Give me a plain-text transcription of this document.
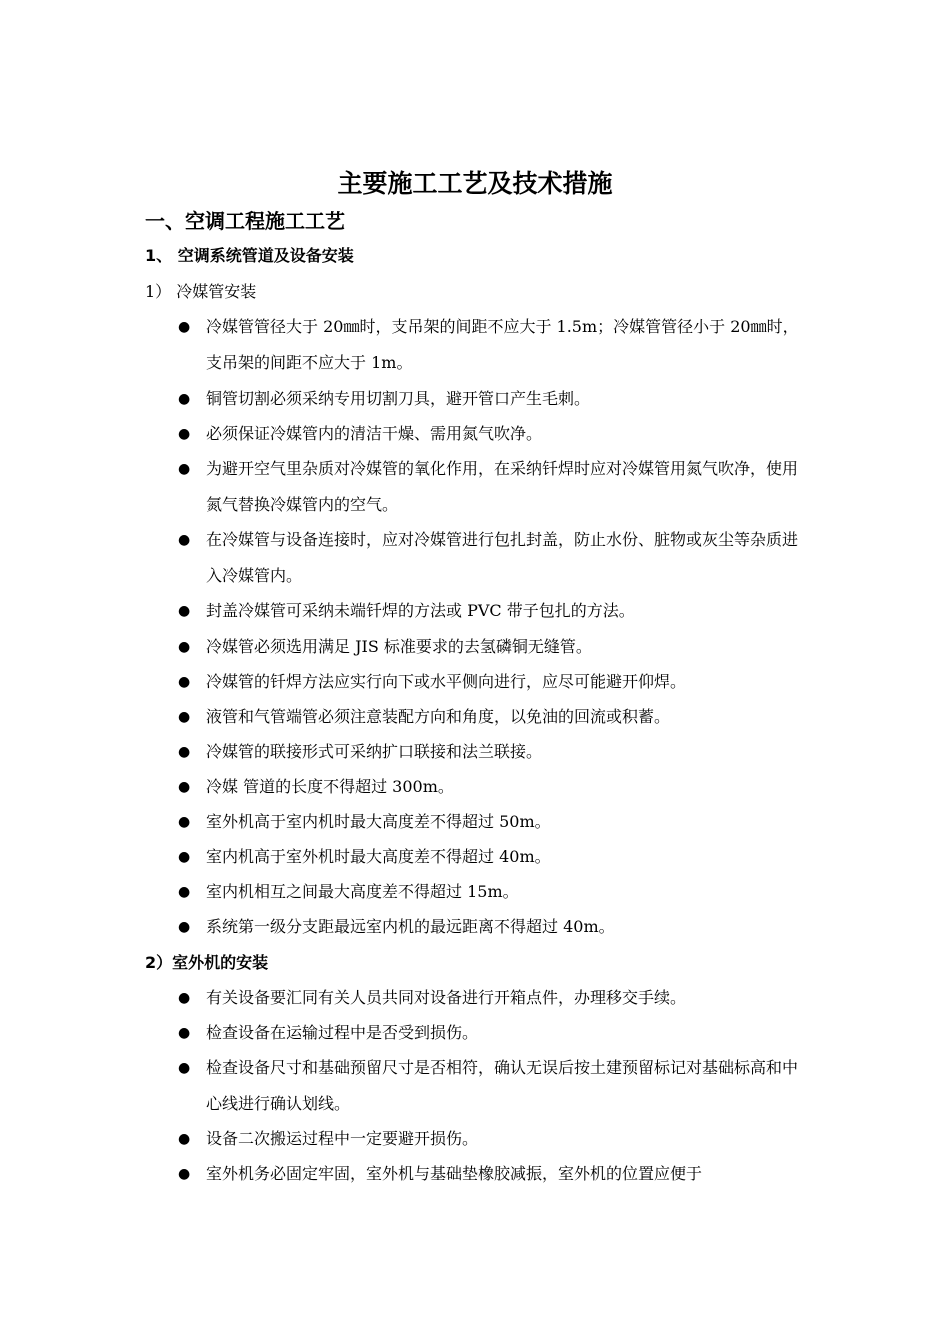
主要施工工艺及技术措施
一、空调工程施工工艺
1、 空调系统管道及设备安装
1） 冷媒管安装
● 冷媒管管径大于 20㎜时，支吊架的间距不应大于 1.5m；冷媒管管径小于 20㎜时，支吊架的间距不应大于 1m。
● 铜管切割必须采纳专用切割刀具，避开管口产生毛刺。
● 必须保证冷媒管内的清洁干燥、需用氮气吹净。
● 为避开空气里杂质对冷媒管的氧化作用，在采纳钎焊时应对冷媒管用氮气吹净，使用氮气替换冷媒管内的空气。
● 在冷媒管与设备连接时，应对冷媒管进行包扎封盖，防止水份、脏物或灰尘等杂质进入冷媒管内。
● 封盖冷媒管可采纳未端钎焊的方法或 PVC 带子包扎的方法。
● 冷媒管必须选用满足 JIS 标准要求的去氢磷铜无缝管。
● 冷媒管的钎焊方法应实行向下或水平侧向进行，应尽可能避开仰焊。
● 液管和气管端管必须注意装配方向和角度，以免油的回流或积蓄。
● 冷媒管的联接形式可采纳扩口联接和法兰联接。
● 冷媒 管道的长度不得超过 300m。
● 室外机高于室内机时最大高度差不得超过 50m。
● 室内机高于室外机时最大高度差不得超过 40m。
● 室内机相互之间最大高度差不得超过 15m。
● 系统第一级分支距最远室内机的最远距离不得超过 40m。
2）室外机的安装
● 有关设备要汇同有关人员共同对设备进行开箱点件，办理移交手续。
● 检查设备在运输过程中是否受到损伤。
● 检查设备尺寸和基础预留尺寸是否相符，确认无误后按土建预留标记对基础标高和中心线进行确认划线。
● 设备二次搬运过程中一定要避开损伤。
● 室外机务必固定牢固，室外机与基础垫橡胶减振，室外机的位置应便于
